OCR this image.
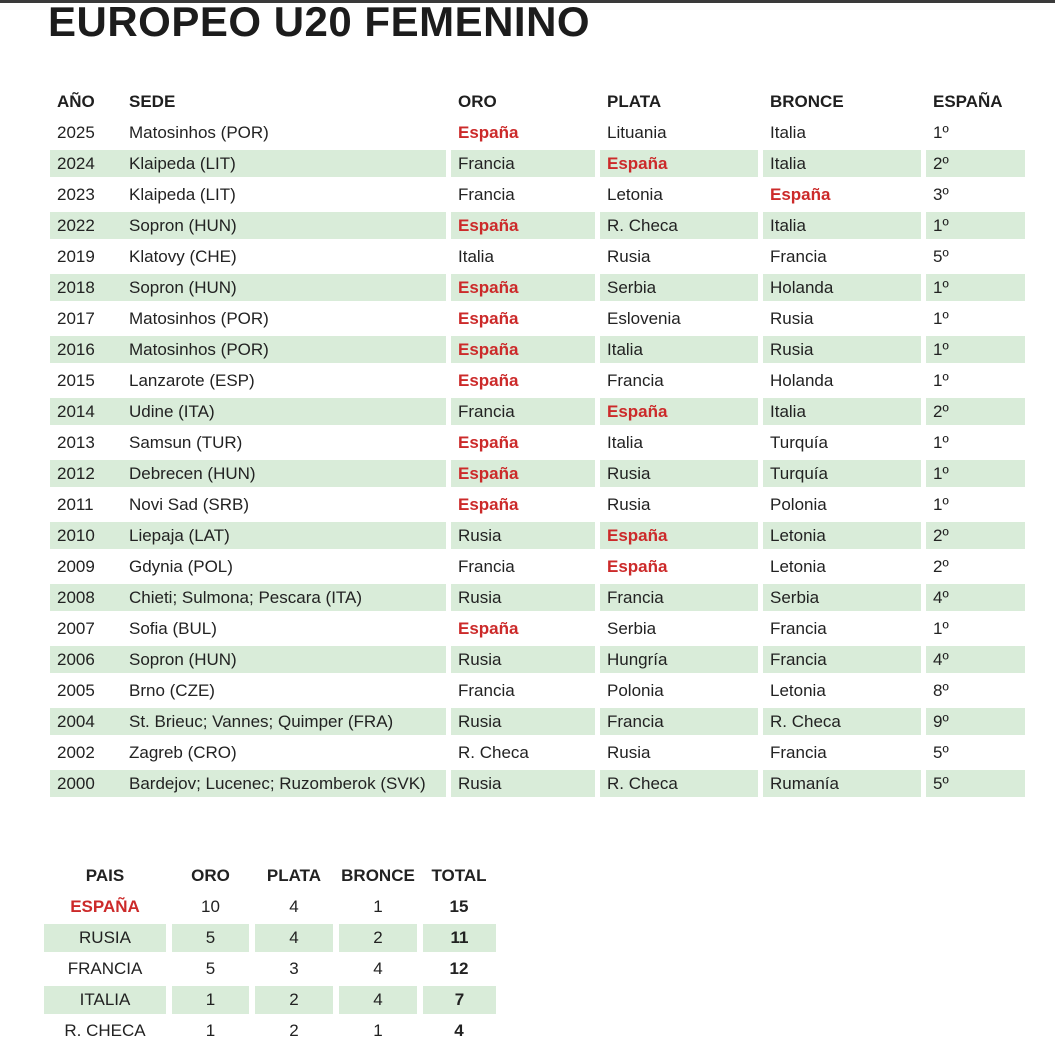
EUROPEO U20 FEMENINO
AÑO	SEDE	ORO	PLATA	BRONCE	ESPAÑA
2025	Matosinhos (POR)	España	Lituania	Italia	1º
2024	Klaipeda (LIT)	Francia	España	Italia	2º
2023	Klaipeda (LIT)	Francia	Letonia	España	3º
2022	Sopron (HUN)	España	R. Checa	Italia	1º
2019	Klatovy (CHE)	Italia	Rusia	Francia	5º
2018	Sopron (HUN)	España	Serbia	Holanda	1º
2017	Matosinhos (POR)	España	Eslovenia	Rusia	1º
2016	Matosinhos (POR)	España	Italia	Rusia	1º
2015	Lanzarote (ESP)	España	Francia	Holanda	1º
2014	Udine (ITA)	Francia	España	Italia	2º
2013	Samsun (TUR)	España	Italia	Turquía	1º
2012	Debrecen (HUN)	España	Rusia	Turquía	1º
2011	Novi Sad (SRB)	España	Rusia	Polonia	1º
2010	Liepaja (LAT)	Rusia	España	Letonia	2º
2009	Gdynia (POL)	Francia	España	Letonia	2º
2008	Chieti; Sulmona; Pescara (ITA)	Rusia	Francia	Serbia	4º
2007	Sofia (BUL)	España	Serbia	Francia	1º
2006	Sopron (HUN)	Rusia	Hungría	Francia	4º
2005	Brno (CZE)	Francia	Polonia	Letonia	8º
2004	St. Brieuc; Vannes; Quimper (FRA)	Rusia	Francia	R. Checa	9º
2002	Zagreb (CRO)	R. Checa	Rusia	Francia	5º
2000	Bardejov; Lucenec; Ruzomberok (SVK)	Rusia	R. Checa	Rumanía	5º
PAIS	ORO	PLATA	BRONCE TOTAL
ESPAÑA	10	4	1	15
RUSIA	5	4	2	11
FRANCIA	5	3	4	12
ITALIA	1	2	4	7
R. CHECA	1	2	1	4
